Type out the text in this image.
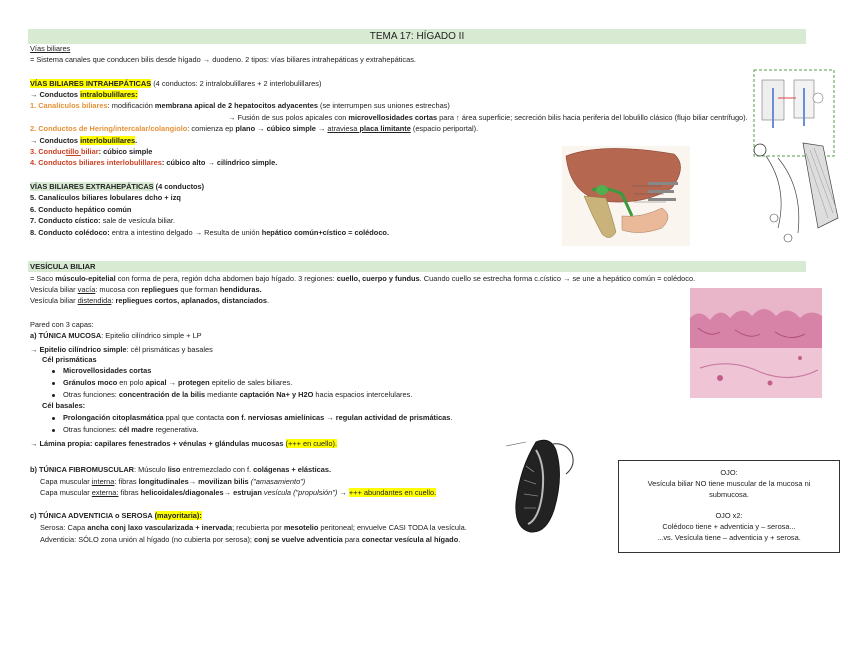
TEMA 17: HÍGADO II
Vías biliares
= Sistema canales que conducen bilis desde hígado → duodeno. 2 tipos: vías biliares intrahepáticas y extrahepáticas.
VÍAS BILIARES INTRAHEPÁTICAS (4 conductos: 2 intralobulillares + 2 interlobulillares)
→ Conductos intralobulillares:
1. Canalículos biliares: modificación membrana apical de 2 hepatocitos adyacentes (se interrumpen sus uniones estrechas)
→ Fusión de sus polos apicales con microvellosidades cortas para ↑ área superficie; secreción bilis hacia periferia del lobulillo clásico (flujo biliar centrífugo).
2. Conductos de Hering/intercalar/colangiolo: comienza ep plano → cúbico simple → atraviesa placa limitante (espacio periportal).
→ Conductos interlobulillares.
3. Conductillo biliar: cúbico simple
4. Conductos biliares interlobulillares: cúbico alto → cilíndrico simple.
VÍAS BILIARES EXTRAHEPÁTICAS (4 conductos)
5. Canalículos biliares lobulares dcho + izq
6. Conducto hepático común
7. Conducto cístico: sale de vesícula biliar.
8. Conducto colédoco: entra a intestino delgado → Resulta de unión hepático común+cístico = colédoco.
VESÍCULA BILIAR
= Saco músculo-epitelial con forma de pera, región dcha abdomen bajo hígado. 3 regiones: cuello, cuerpo y fundus. Cuando cuello se estrecha forma c.cístico → se une a hepático común = colédoco.
Vesícula biliar vacía: mucosa con repliegues que forman hendiduras.
Vesícula biliar distendida: repliegues cortos, aplanados, distanciados.
Pared con 3 capas:
a) TÚNICA MUCOSA: Epitelio cilíndrico simple + LP
→ Epitelio cilíndrico simple: cél prismáticas y basales
Cél prismáticas
Microvellosidades cortas
Gránulos moco en polo apical → protegen epitelio de sales biliares.
Otras funciones: concentración de la bilis mediante captación Na+ y H2O hacia espacios intercelulares.
Cél basales:
Prolongación citoplasmática ppal que contacta con f. nerviosas amielínicas → regulan actividad de prismáticas.
Otras funciones: cél madre regenerativa.
→ Lámina propia: capilares fenestrados + vénulas + glándulas mucosas (+++ en cuello).
b) TÚNICA FIBROMUSCULAR: Músculo liso entremezclado con f. colágenas + elásticas.
Capa muscular interna: fibras longitudinales→ movilizan bilis ("amasamiento")
Capa muscular externa: fibras helicoidales/diagonales→ estrujan vesícula ("propulsión") → +++ abundantes en cuello.
c) TÚNICA ADVENTICIA o SEROSA (mayoritaria):
Serosa: Capa ancha conj laxo vascularizada + inervada; recubierta por mesotelio peritoneal; envuelve CASI TODA la vesícula.
Adventicia: SÓLO zona unión al hígado (no cubierta por serosa); conj se vuelve adventicia para conectar vesícula al hígado.
OJO:
Vesícula biliar NO tiene muscular de la mucosa ni submucosa.
OJO x2:
Colédoco tiene + adventicia y – serosa...
...vs. Vesícula tiene – adventicia y + serosa.
